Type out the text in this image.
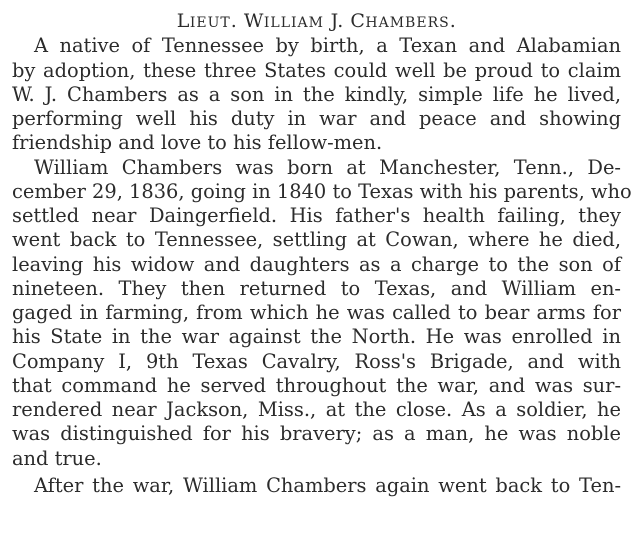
LIEUT. WILLIAM J. CHAMBERS.
A native of Tennessee by birth, a Texan and Alabamian
by adoption, these three States could well be proud to claim
W. J. Chambers as a son in the kindly, simple life he lived,
performing well his duty in war and peace and showing
friendship and love to his fellow-men.
William Chambers was born at Manchester, Tenn., De-
cember 29, 1836, going in 1840 to Texas with his parents, who
settled near Daingerfield. His father's health failing, they
went back to Tennessee, settling at Cowan, where he died,
leaving his widow and daughters as a charge to the son of
nineteen. They then returned to Texas, and William en-
gaged in farming, from which he was called to bear arms for
his State in the war against the North. He was enrolled in
Company I, 9th Texas Cavalry, Ross's Brigade, and with
that command he served throughout the war, and was sur-
rendered near Jackson, Miss., at the close. As a soldier, he
was distinguished for his bravery; as a man, he was noble
and true.
After the war, William Chambers again went back to Ten-
